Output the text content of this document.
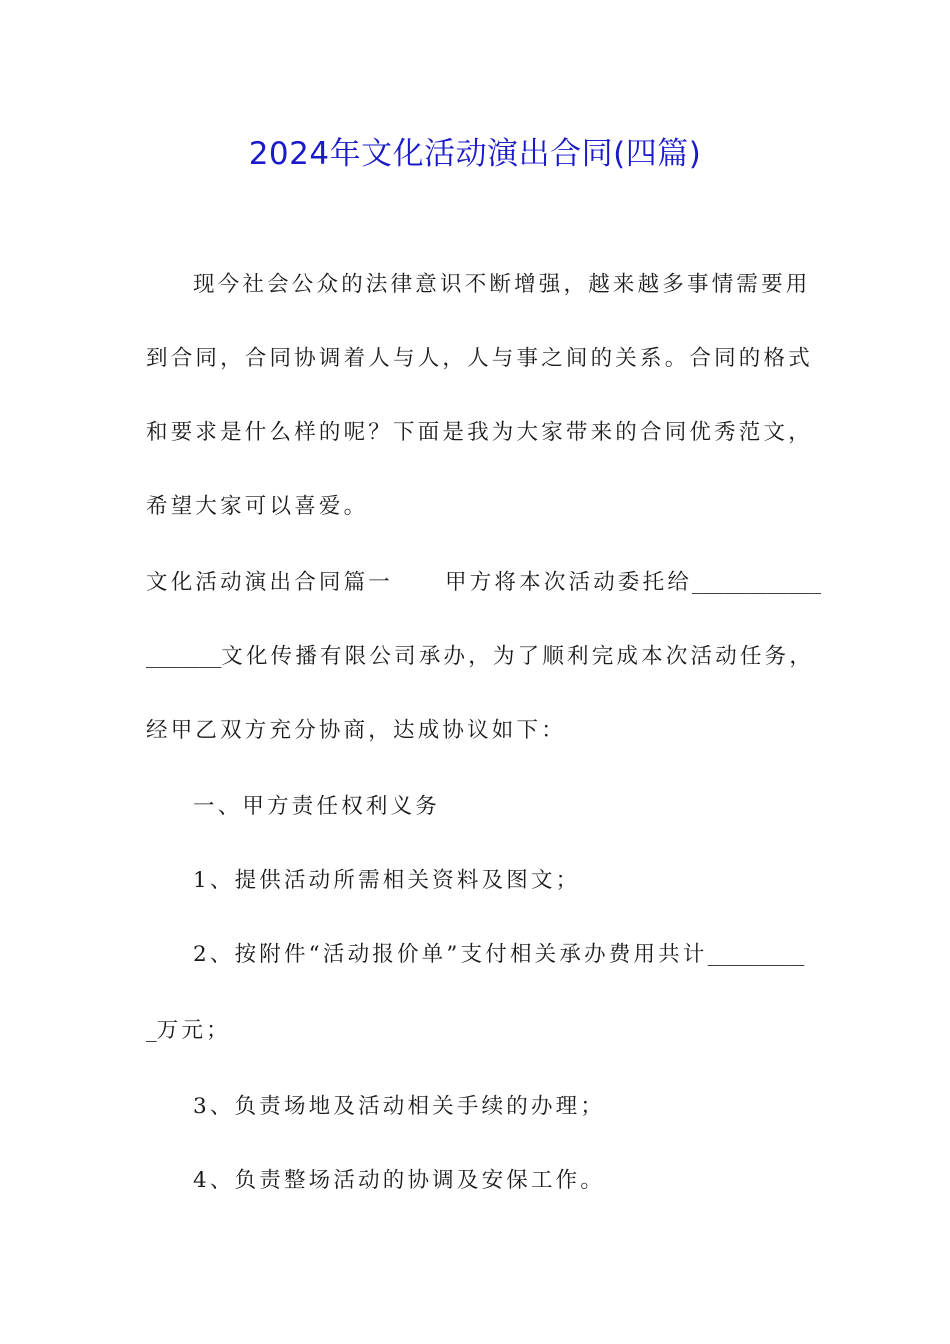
2024年文化活动演出合同(四篇)
现今社会公众的法律意识不断增强，越来越多事情需要用
到合同，合同协调着人与人，人与事之间的关系。合同的格式
和要求是什么样的呢？下面是我为大家带来的合同优秀范文，
希望大家可以喜爱。
文化活动演出合同篇一 甲方将本次活动委托给____________
_______文化传播有限公司承办，为了顺利完成本次活动任务，
经甲乙双方充分协商，达成协议如下：
一、甲方责任权利义务
1、提供活动所需相关资料及图文；
2、按附件“活动报价单”支付相关承办费用共计_________
_万元；
3、负责场地及活动相关手续的办理；
4、负责整场活动的协调及安保工作。
